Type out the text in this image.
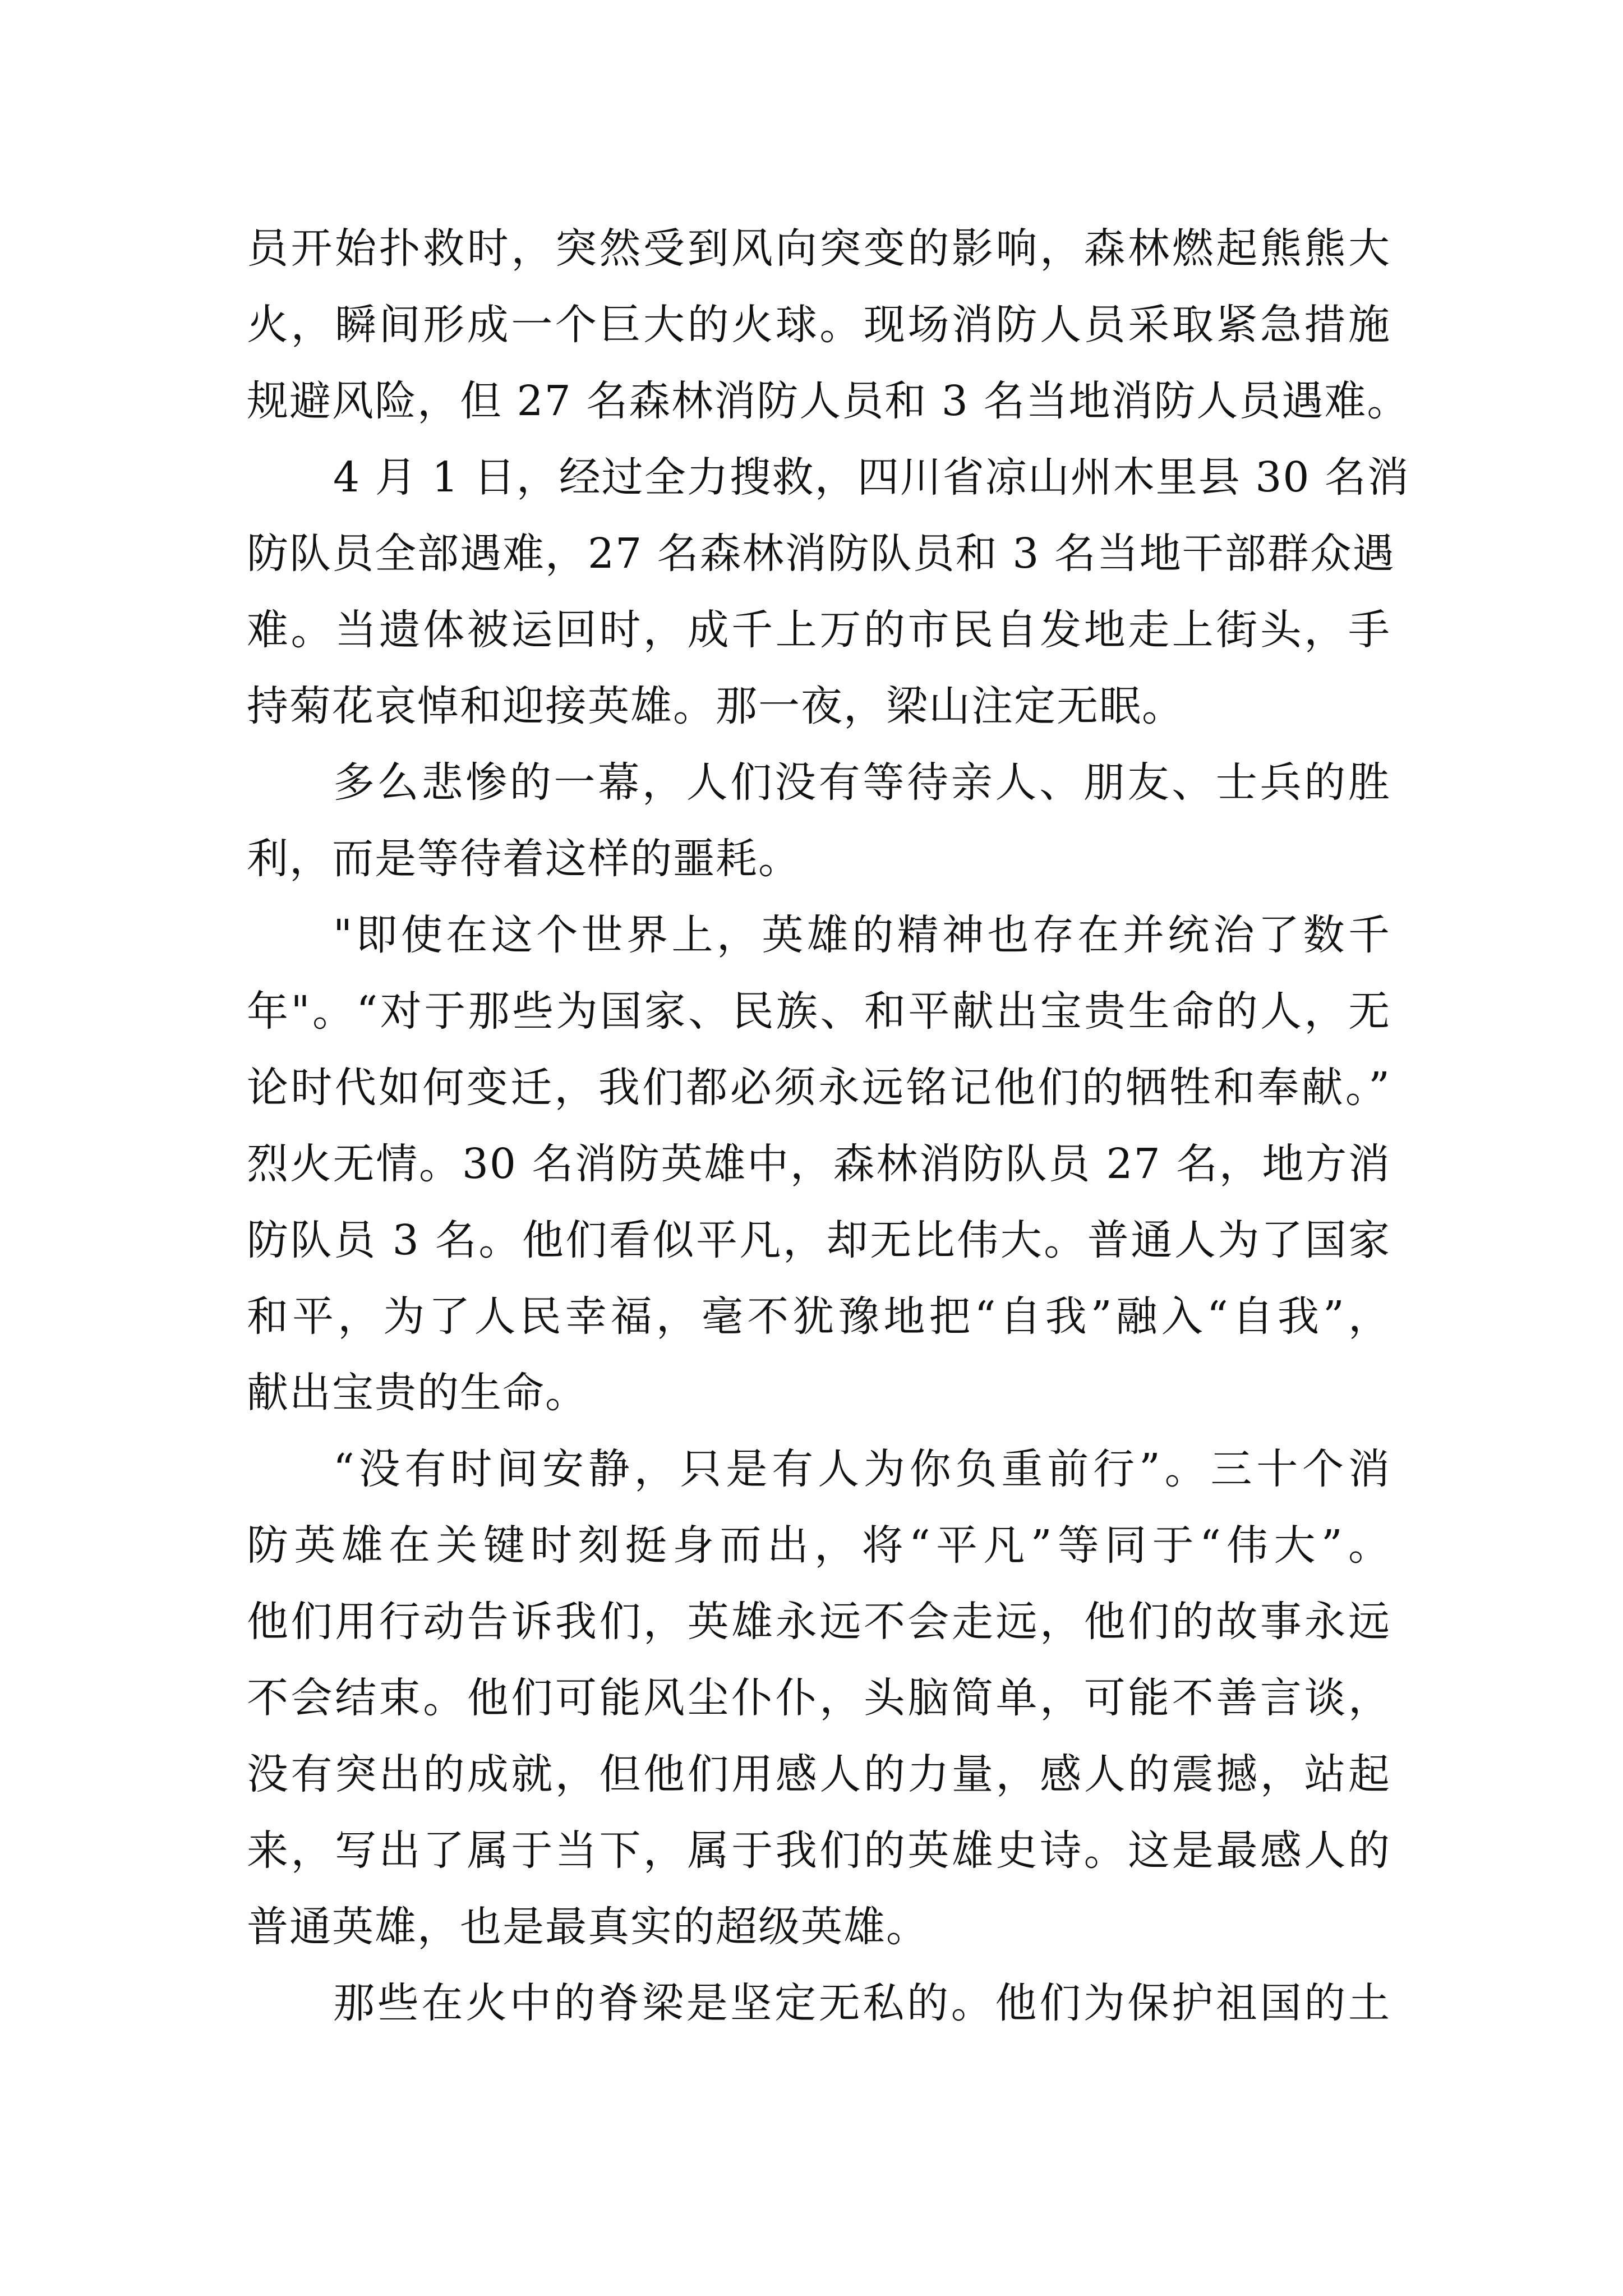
员开始扑救时，突然受到风向突变的影响，森林燃起熊熊大
火，瞬间形成一个巨大的火球。现场消防人员采取紧急措施
规避风险，但 27 名森林消防人员和 3 名当地消防人员遇难。
4 月 1 日，经过全力搜救，四川省凉山州木里县 30 名消
防队员全部遇难，27 名森林消防队员和 3 名当地干部群众遇
难。当遗体被运回时，成千上万的市民自发地走上街头，手
持菊花哀悼和迎接英雄。那一夜，梁山注定无眠。
多么悲惨的一幕，人们没有等待亲人、朋友、士兵的胜
利，而是等待着这样的噩耗。
"即使在这个世界上，英雄的精神也存在并统治了数千
年"。“对于那些为国家、民族、和平献出宝贵生命的人，无
论时代如何变迁，我们都必须永远铭记他们的牺牲和奉献。”
烈火无情。30 名消防英雄中，森林消防队员 27 名，地方消
防队员 3 名。他们看似平凡，却无比伟大。普通人为了国家
和平，为了人民幸福，毫不犹豫地把“自我”融入“自我”，
献出宝贵的生命。
“没有时间安静，只是有人为你负重前行”。三十个消
防英雄在关键时刻挺身而出，将“平凡”等同于“伟大”。
他们用行动告诉我们，英雄永远不会走远，他们的故事永远
不会结束。他们可能风尘仆仆，头脑简单，可能不善言谈，
没有突出的成就，但他们用感人的力量，感人的震撼，站起
来，写出了属于当下，属于我们的英雄史诗。这是最感人的
普通英雄，也是最真实的超级英雄。
那些在火中的脊梁是坚定无私的。他们为保护祖国的土
